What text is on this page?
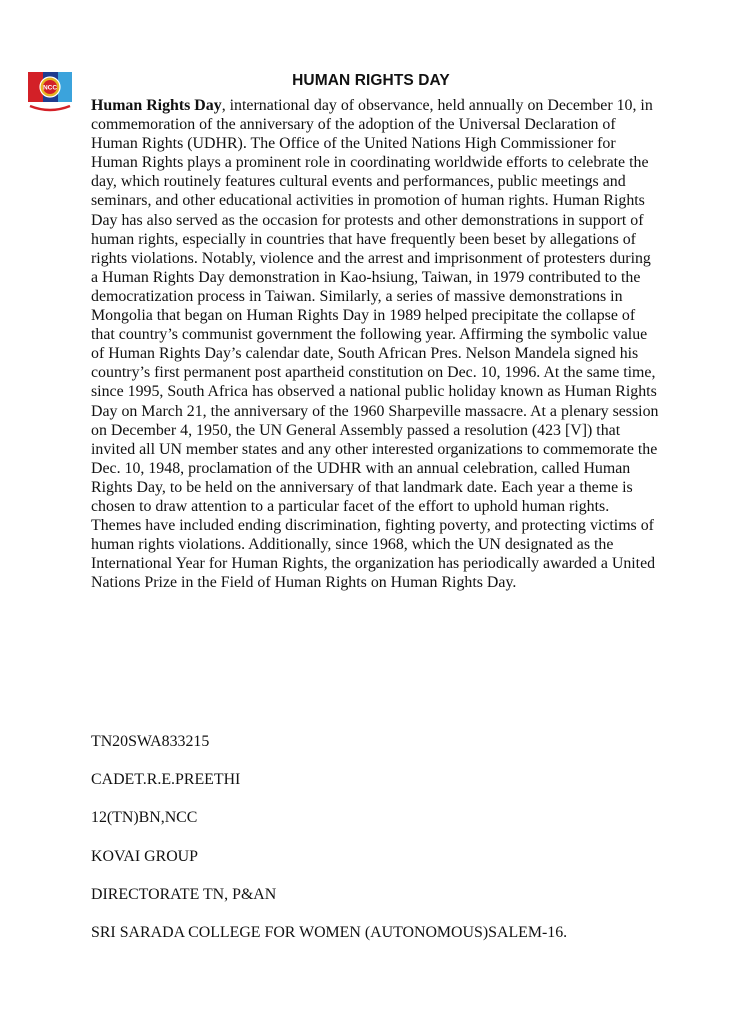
NCC	HUMAN RIGHTS DAY
Human Rights Day, international day of observance, held annually on December 10, in commemoration of the anniversary of the adoption of the Universal Declaration of Human Rights (UDHR). The Office of the United Nations High Commissioner for Human Rights plays a prominent role in coordinating worldwide efforts to celebrate the day, which routinely features cultural events and performances, public meetings and seminars, and other educational activities in promotion of human rights. Human Rights Day has also served as the occasion for protests and other demonstrations in support of human rights, especially in countries that have frequently been beset by allegations of rights violations. Notably, violence and the arrest and imprisonment of protesters during a Human Rights Day demonstration in Kao-hsiung, Taiwan, in 1979 contributed to the democratization process in Taiwan. Similarly, a series of massive demonstrations in Mongolia that began on Human Rights Day in 1989 helped precipitate the collapse of that country’s communist government the following year. Affirming the symbolic value of Human Rights Day’s calendar date, South African Pres. Nelson Mandela signed his country’s first permanent post apartheid constitution on Dec. 10, 1996. At the same time, since 1995, South Africa has observed a national public holiday known as Human Rights Day on March 21, the anniversary of the 1960 Sharpeville massacre. At a plenary session on December 4, 1950, the UN General Assembly passed a resolution (423 [V]) that invited all UN member states and any other interested organizations to commemorate the Dec. 10, 1948, proclamation of the UDHR with an annual celebration, called Human Rights Day, to be held on the anniversary of that landmark date. Each year a theme is chosen to draw attention to a particular facet of the effort to uphold human rights. Themes have included ending discrimination, fighting poverty, and protecting victims of human rights violations. Additionally, since 1968, which the UN designated as the International Year for Human Rights, the organization has periodically awarded a United Nations Prize in the Field of Human Rights on Human Rights Day.
TN20SWA833215
CADET.R.E.PREETHI
12(TN)BN,NCC
KOVAI GROUP
DIRECTORATE TN, P&AN
SRI SARADA COLLEGE FOR WOMEN (AUTONOMOUS)SALEM-16.
